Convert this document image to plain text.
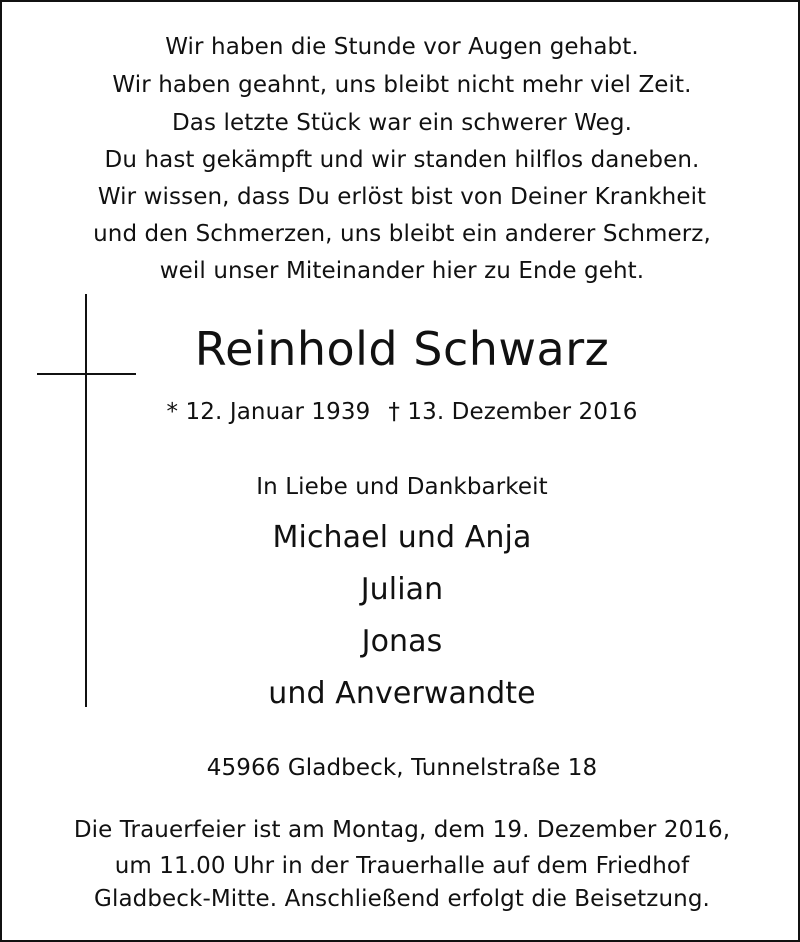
Wir haben die Stunde vor Augen gehabt.
Wir haben geahnt, uns bleibt nicht mehr viel Zeit.
Das letzte Stück war ein schwerer Weg.
Du hast gekämpft und wir standen hilflos daneben.
Wir wissen, dass Du erlöst bist von Deiner Krankheit
und den Schmerzen, uns bleibt ein anderer Schmerz,
weil unser Miteinander hier zu Ende geht.
Reinhold Schwarz
* 12. Januar 1939 † 13. Dezember 2016
In Liebe und Dankbarkeit
Michael und Anja
Julian
Jonas
und Anverwandte
45966 Gladbeck, Tunnelstraße 18
Die Trauerfeier ist am Montag, dem 19. Dezember 2016,
um 11.00 Uhr in der Trauerhalle auf dem Friedhof
Gladbeck-Mitte. Anschließend erfolgt die Beisetzung.
